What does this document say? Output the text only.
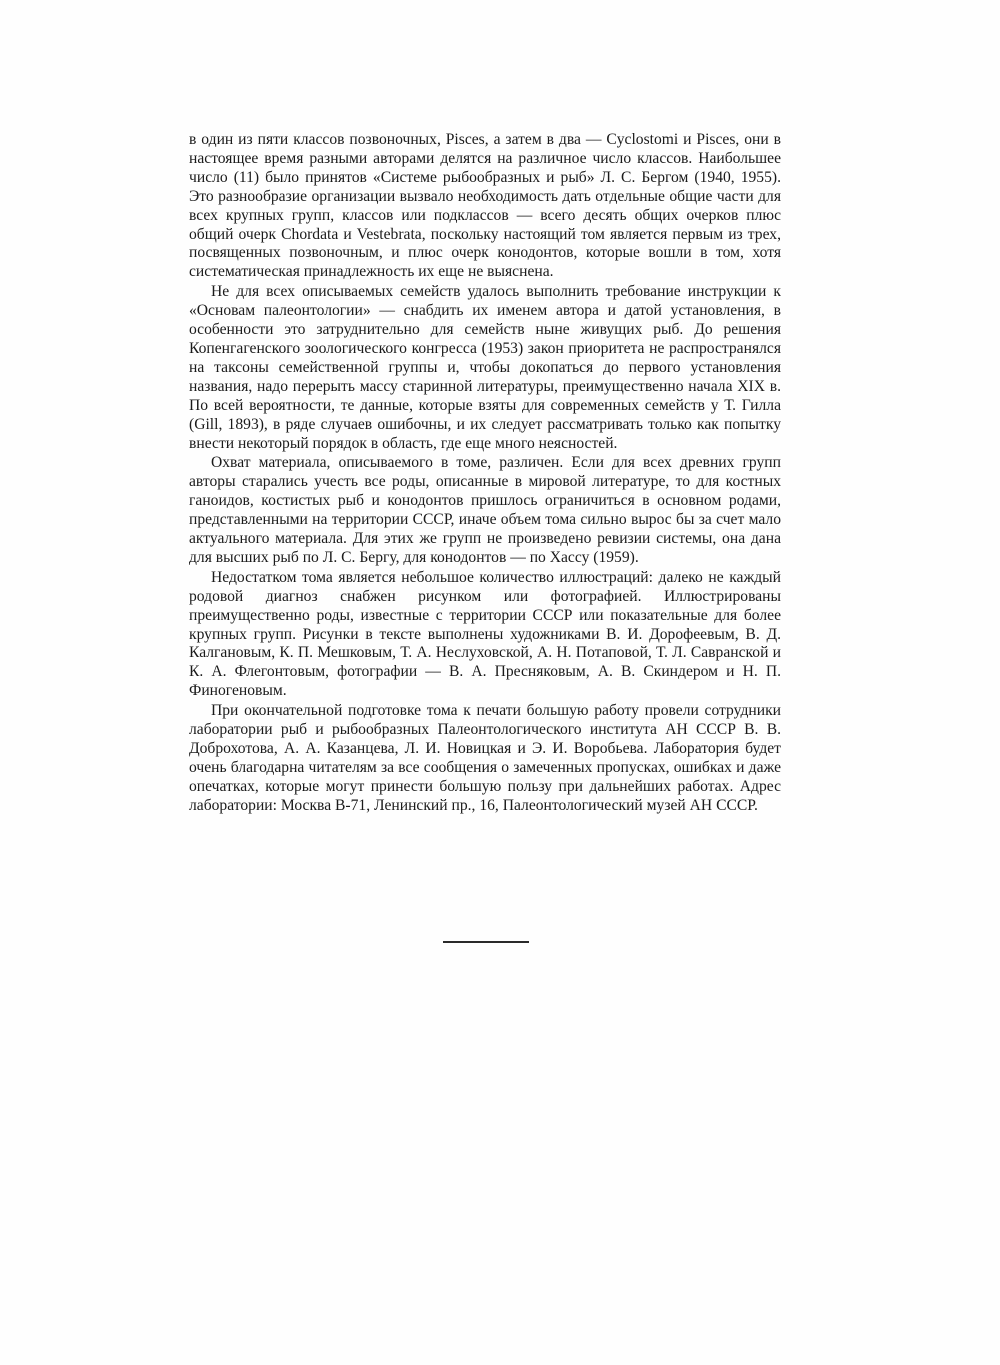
в один из пяти классов позвоночных, Pisces, а затем в два — Cyclostomi и Pisces, они в настоящее время разными авторами делятся на различное число классов. Наибольшее число (11) было принятов «Системе рыбообразных и рыб» Л. С. Бергом (1940, 1955). Это разнообразие организации вызвало необходимость дать отдельные общие части для всех крупных групп, классов или подклассов — всего десять общих очерков плюс общий очерк Chordata и Vestebrata, поскольку настоящий том является первым из трех, посвященных позвоночным, и плюс очерк конодонтов, которые вошли в том, хотя систематическая принадлежность их еще не выяснена.

Не для всех описываемых семейств удалось выполнить требование инструкции к «Основам палеонтологии» — снабдить их именем автора и датой установления, в особенности это затруднительно для семейств ныне живущих рыб. До решения Копенгагенского зоологического конгресса (1953) закон приоритета не распространялся на таксоны семейственной группы и, чтобы докопаться до первого установления названия, надо перерыть массу старинной литературы, преимущественно начала XIX в. По всей вероятности, те данные, которые взяты для современных семейств у Т. Гилла (Gill, 1893), в ряде случаев ошибочны, и их следует рассматривать только как попытку внести некоторый порядок в область, где еще много неясностей.

Охват материала, описываемого в томе, различен. Если для всех древних групп авторы старались учесть все роды, описанные в мировой литературе, то для костных ганоидов, костистых рыб и конодонтов пришлось ограничиться в основном родами, представленными на территории СССР, иначе объем тома сильно вырос бы за счет мало актуального материала. Для этих же групп не произведено ревизии системы, она дана для высших рыб по Л. С. Бергу, для конодонтов — по Хассу (1959).

Недостатком тома является небольшое количество иллюстраций: далеко не каждый родовой диагноз снабжен рисунком или фотографией. Иллюстрированы преимущественно роды, известные с территории СССР или показательные для более крупных групп. Рисунки в тексте выполнены художниками В. И. Дорофеевым, В. Д. Калгановым, К. П. Мешковым, Т. А. Неслуховской, А. Н. Потаповой, Т. Л. Савранской и К. А. Флегонтовым, фотографии — В. А. Пресняковым, А. В. Скиндером и Н. П. Финогеновым.

При окончательной подготовке тома к печати большую работу провели сотрудники лаборатории рыб и рыбообразных Палеонтологического института АН СССР В. В. Доброхотова, А. А. Казанцева, Л. И. Новицкая и Э. И. Воробьева. Лаборатория будет очень благодарна читателям за все сообщения о замеченных пропусках, ошибках и даже опечатках, которые могут принести большую пользу при дальнейших работах. Адрес лаборатории: Москва В-71, Ленинский пр., 16, Палеонтологический музей АН СССР.
